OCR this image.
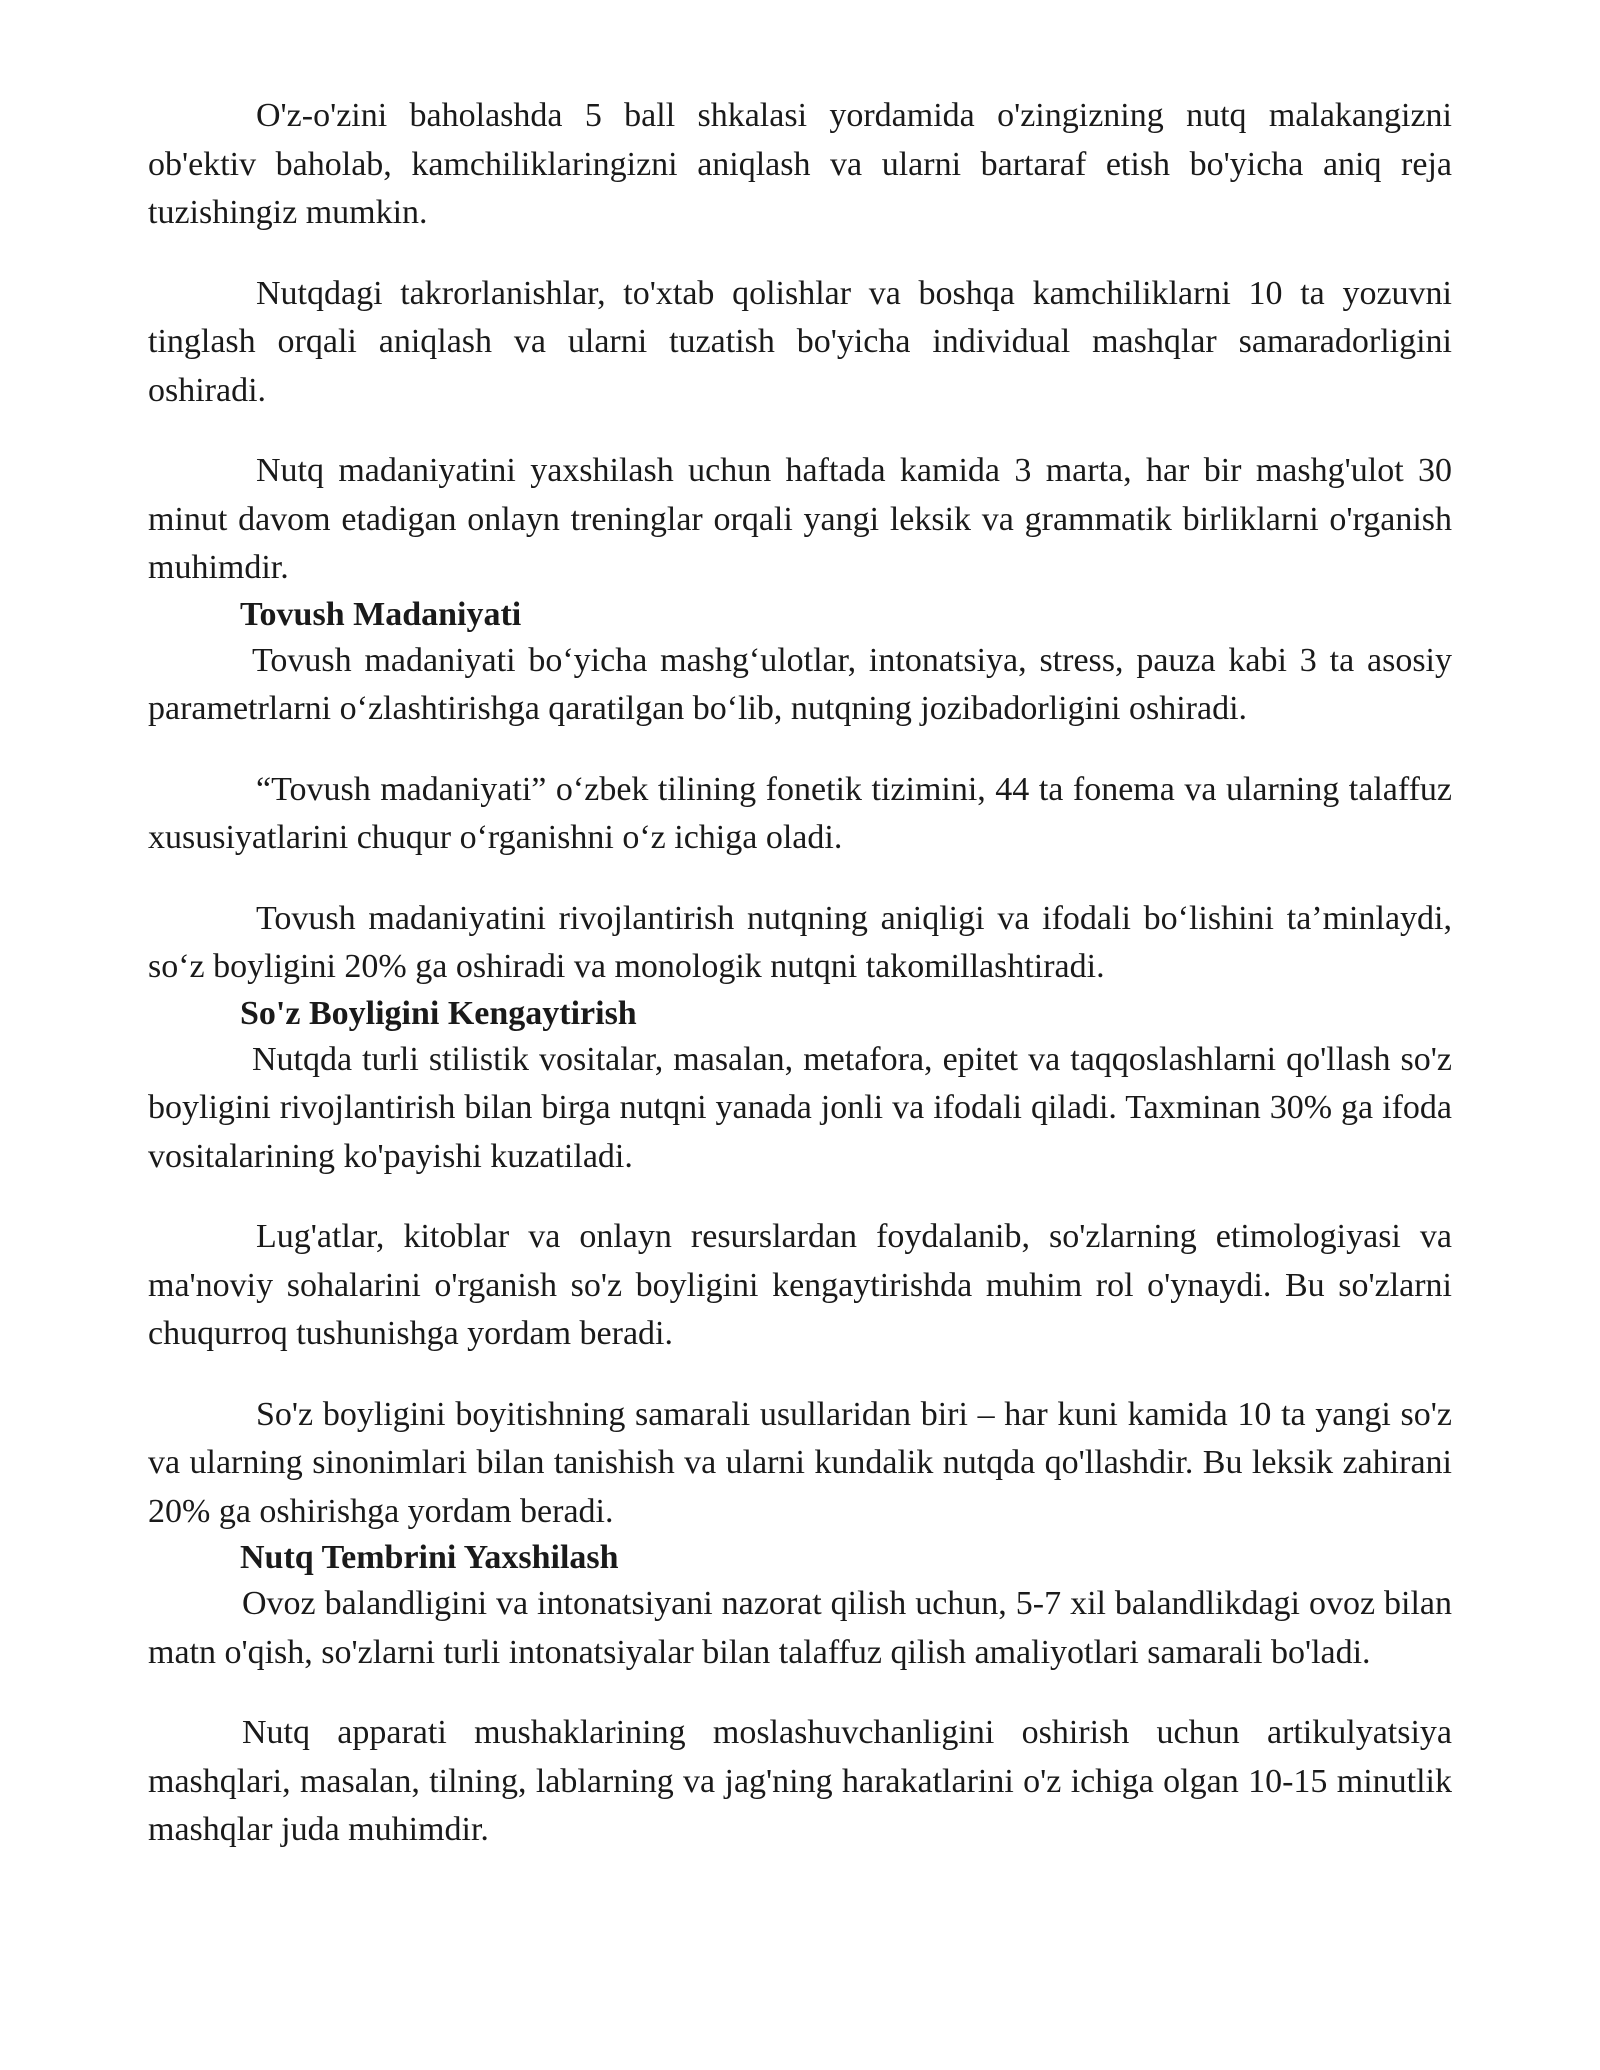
O'z-o'zini baholashda 5 ball shkalasi yordamida o'zingizning nutq malakangizni ob'ektiv baholab, kamchiliklaringizni aniqlash va ularni bartaraf etish bo'yicha aniq reja tuzishingiz mumkin.

Nutqdagi takrorlanishlar, to'xtab qolishlar va boshqa kamchiliklarni 10 ta yozuvni tinglash orqali aniqlash va ularni tuzatish bo'yicha individual mashqlar samaradorligini oshiradi.

Nutq madaniyatini yaxshilash uchun haftada kamida 3 marta, har bir mashg'ulot 30 minut davom etadigan onlayn treninglar orqali yangi leksik va grammatik birliklarni o'rganish muhimdir.

Tovush Madaniyati

Tovush madaniyati bo‘yicha mashg‘ulotlar, intonatsiya, stress, pauza kabi 3 ta asosiy parametrlarni o‘zlashtirishga qaratilgan bo‘lib, nutqning jozibadorligini oshiradi.

“Tovush madaniyati” o‘zbek tilining fonetik tizimini, 44 ta fonema va ularning talaffuz xususiyatlarini chuqur o‘rganishni o‘z ichiga oladi.

Tovush madaniyatini rivojlantirish nutqning aniqligi va ifodali bo‘lishini ta’minlaydi, so‘z boyligini 20% ga oshiradi va monologik nutqni takomillashtiradi.

So'z Boyligini Kengaytirish

Nutqda turli stilistik vositalar, masalan, metafora, epitet va taqqoslashlarni qo'llash so'z boyligini rivojlantirish bilan birga nutqni yanada jonli va ifodali qiladi. Taxminan 30% ga ifoda vositalarining ko'payishi kuzatiladi.

Lug'atlar, kitoblar va onlayn resurslardan foydalanib, so'zlarning etimologiyasi va ma'noviy sohalarini o'rganish so'z boyligini kengaytirishda muhim rol o'ynaydi. Bu so'zlarni chuqurroq tushunishga yordam beradi.

So'z boyligini boyitishning samarali usullaridan biri – har kuni kamida 10 ta yangi so'z va ularning sinonimlari bilan tanishish va ularni kundalik nutqda qo'llashdir. Bu leksik zahirani 20% ga oshirishga yordam beradi.

Nutq Tembrini Yaxshilash

Ovoz balandligini va intonatsiyani nazorat qilish uchun, 5-7 xil balandlikdagi ovoz bilan matn o'qish, so'zlarni turli intonatsiyalar bilan talaffuz qilish amaliyotlari samarali bo'ladi.

Nutq apparati mushaklarining moslashuvchanligini oshirish uchun artikulyatsiya mashqlari, masalan, tilning, lablarning va jag'ning harakatlarini o'z ichiga olgan 10-15 minutlik mashqlar juda muhimdir.
